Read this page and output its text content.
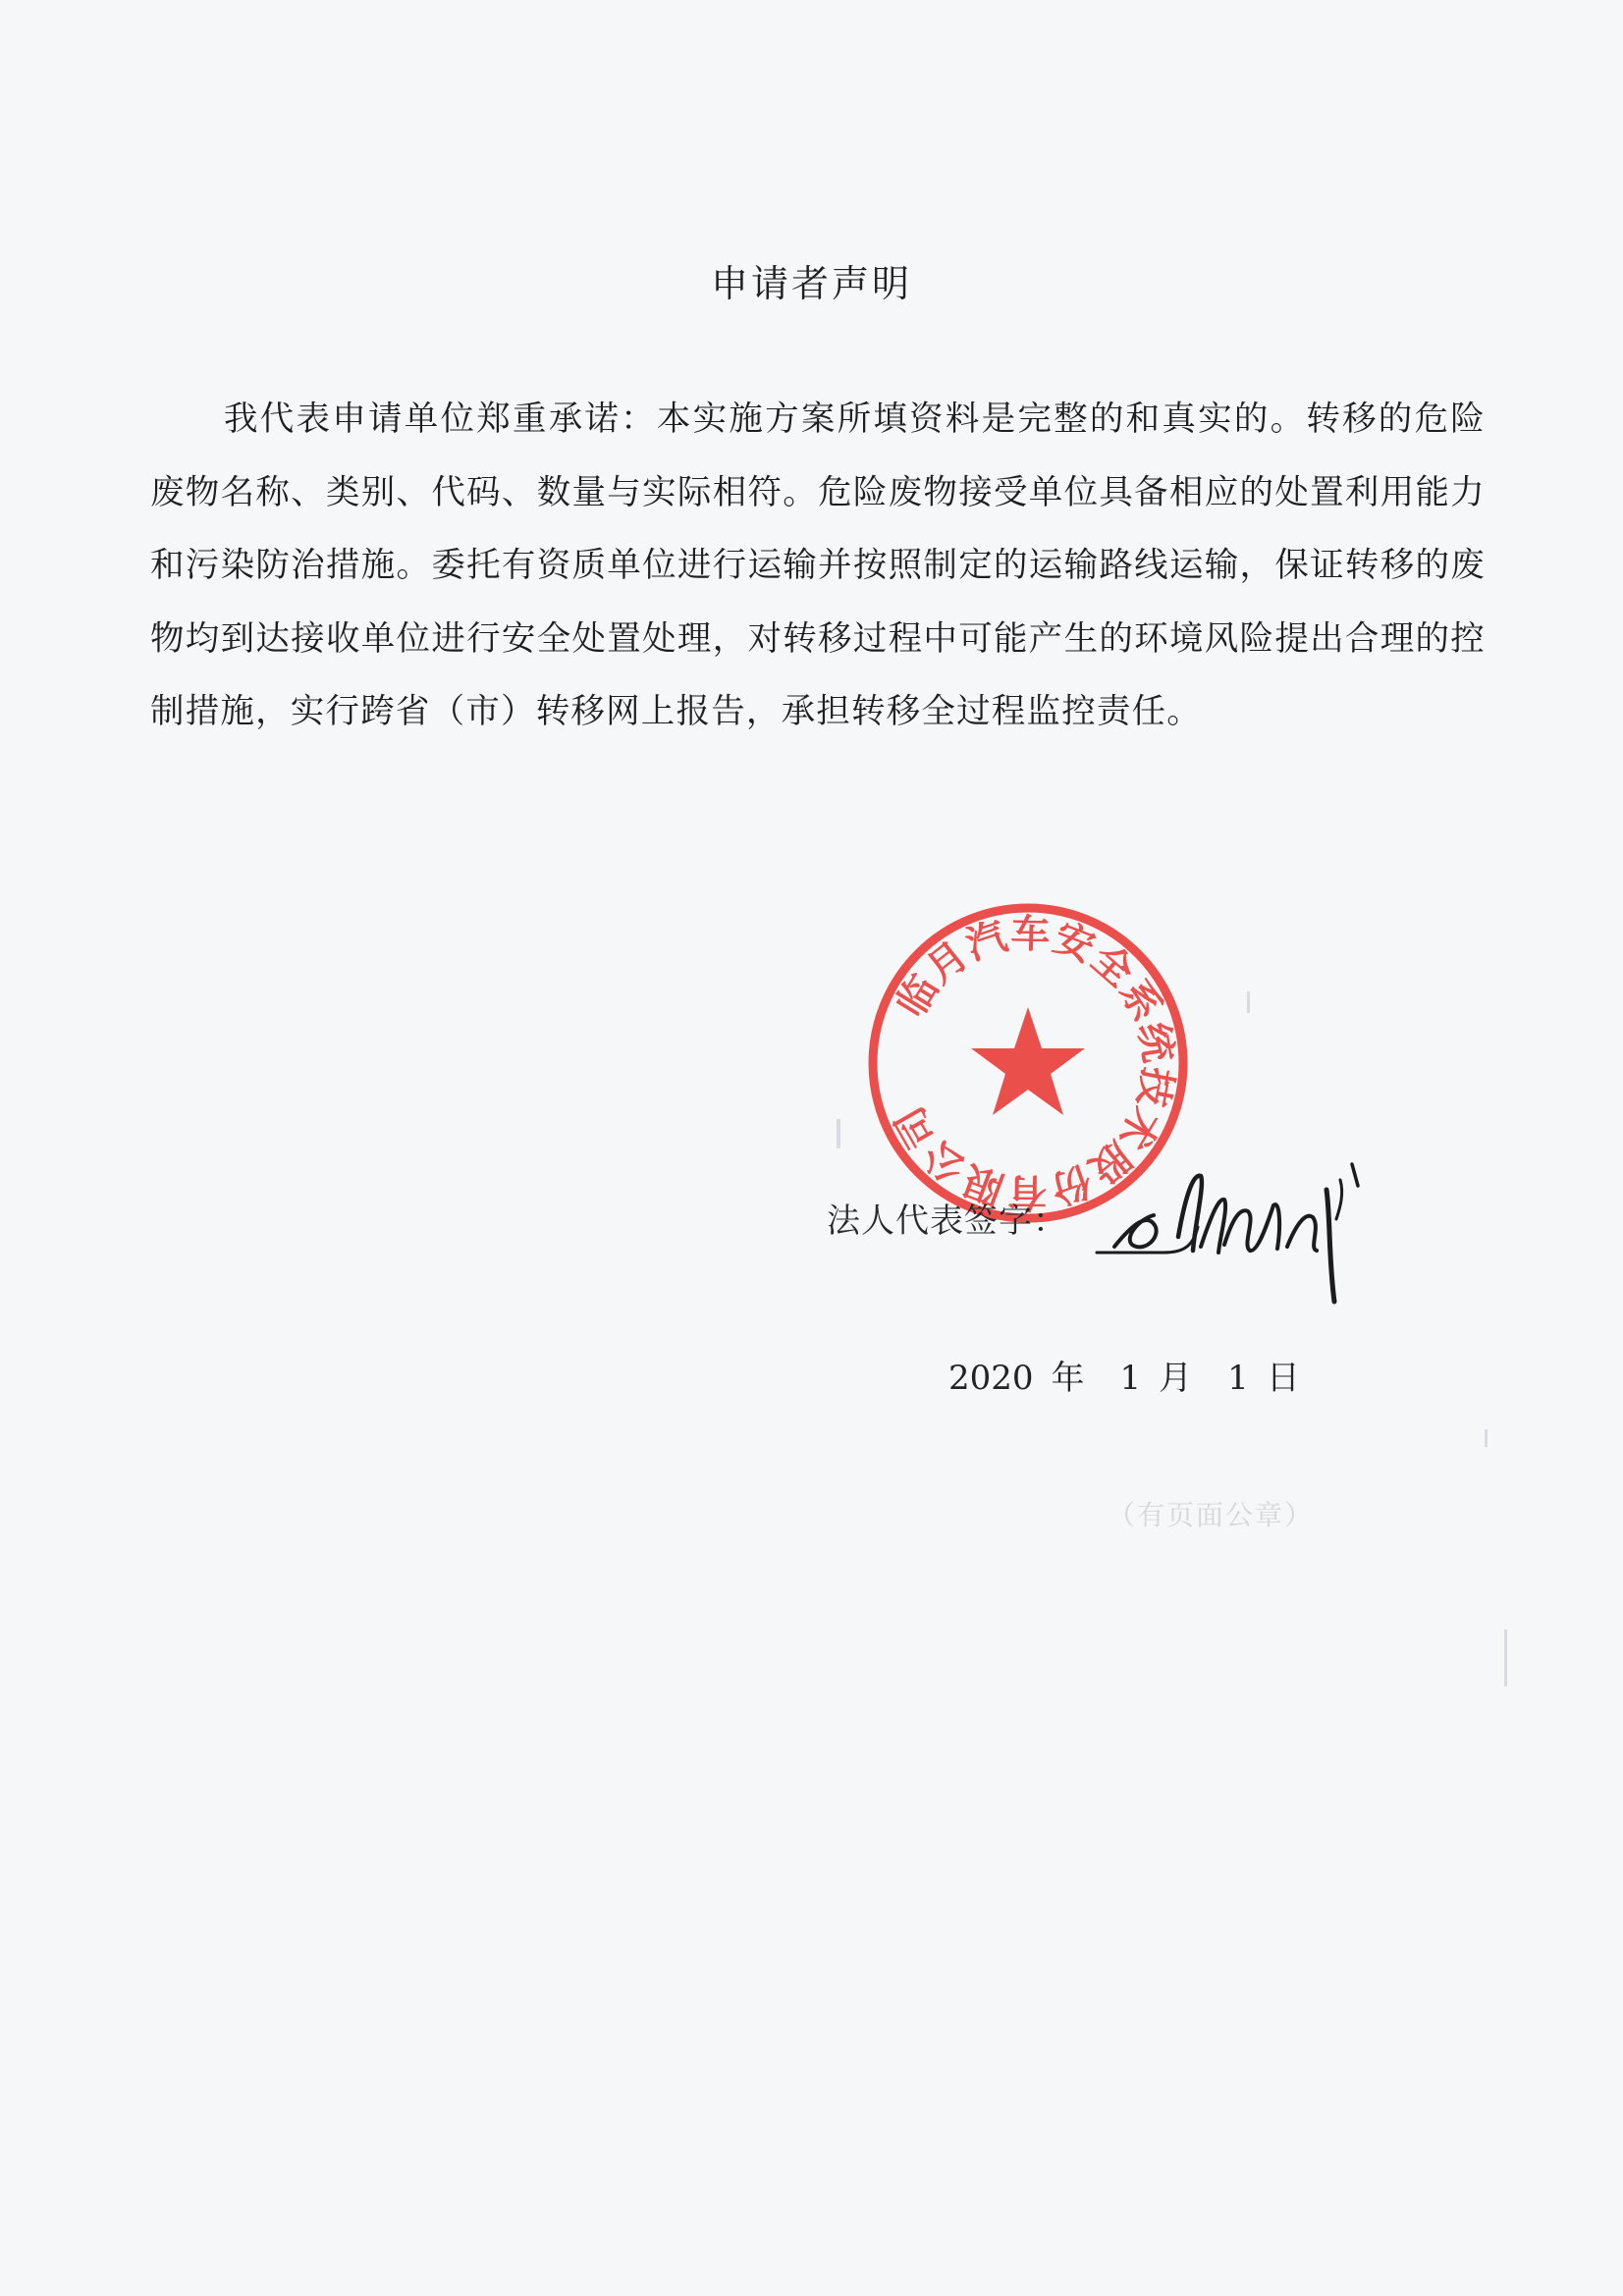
申请者声明

我代表申请单位郑重承诺：本实施方案所填资料是完整的和真实的。转移的危险废物名称、类别、代码、数量与实际相符。危险废物接受单位具备相应的处置利用能力和污染防治措施。委托有资质单位进行运输并按照制定的运输路线运输，保证转移的废物均到达接收单位进行安全处置处理，对转移过程中可能产生的环境风险提出合理的控制措施，实行跨省（市）转移网上报告，承担转移全过程监控责任。

临月汽车安全系统技术股份有限公司
法人代表签字：
2020 年 1 月 1 日
（有页面公章）
